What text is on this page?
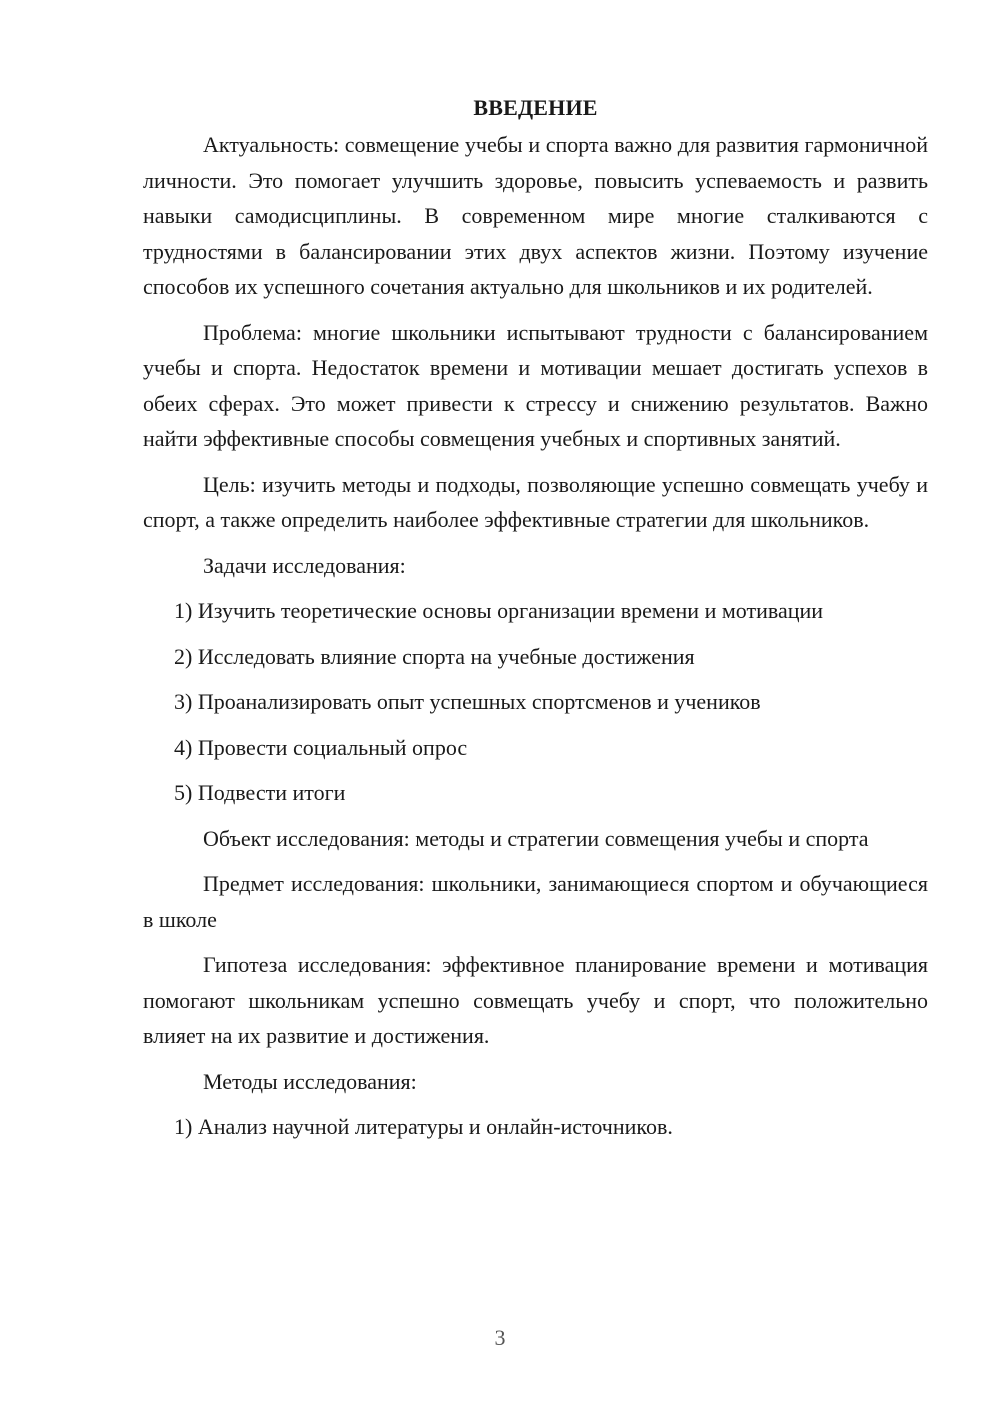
ВВЕДЕНИЕ

Актуальность: совмещение учебы и спорта важно для развития гармоничной личности. Это помогает улучшить здоровье, повысить успеваемость и развить навыки самодисциплины. В современном мире многие сталкиваются с трудностями в балансировании этих двух аспектов жизни. Поэтому изучение способов их успешного сочетания актуально для школьников и их родителей.

Проблема: многие школьники испытывают трудности с балансированием учебы и спорта. Недостаток времени и мотивации мешает достигать успехов в обеих сферах. Это может привести к стрессу и снижению результатов. Важно найти эффективные способы совмещения учебных и спортивных занятий.

Цель: изучить методы и подходы, позволяющие успешно совмещать учебу и спорт, а также определить наиболее эффективные стратегии для школьников.

Задачи исследования:

1) Изучить теоретические основы организации времени и мотивации
2) Исследовать влияние спорта на учебные достижения
3) Проанализировать опыт успешных спортсменов и учеников
4) Провести социальный опрос
5) Подвести итоги

Объект исследования: методы и стратегии совмещения учебы и спорта

Предмет исследования: школьники, занимающиеся спортом и обучающиеся в школе

Гипотеза исследования: эффективное планирование времени и мотивация помогают школьникам успешно совмещать учебу и спорт, что положительно влияет на их развитие и достижения.

Методы исследования:

1) Анализ научной литературы и онлайн-источников.
3
